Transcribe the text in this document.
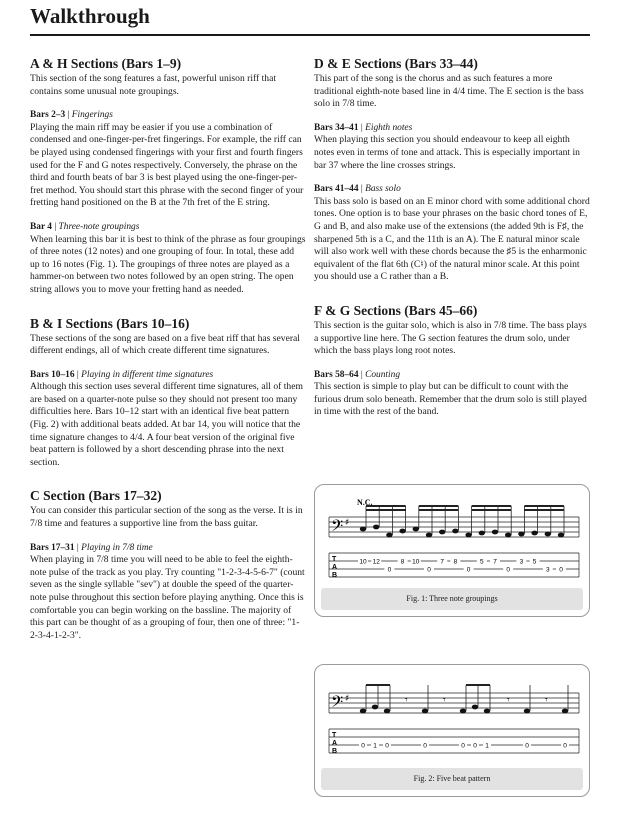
Walkthrough
A & H Sections (Bars 1–9)

This section of the song features a fast, powerful unison riff that contains some unusual note groupings.

Bars 2–3 | Fingerings

Playing the main riff may be easier if you use a combination of condensed and one-finger-per-fret fingerings. For example, the riff can be played using condensed fingerings with your first and fourth fingers used for the F and G notes respectively. Conversely, the phrase on the third and fourth beats of bar 3 is best played using the one-finger-per-fret method. You should start this phrase with the second finger of your fretting hand positioned on the B at the 7th fret of the E string.

Bar 4 | Three-note groupings

When learning this bar it is best to think of the phrase as four groupings of three notes (12 notes) and one grouping of four. In total, these add up to 16 notes (Fig. 1). The groupings of three notes are played as a hammer-on between two notes followed by an open string. The open string allows you to move your fretting hand as needed.

B & I Sections (Bars 10–16)

These sections of the song are based on a five beat riff that has several different endings, all of which create different time signatures.

Bars 10–16 | Playing in different time signatures

Although this section uses several different time signatures, all of them are based on a quarter-note pulse so they should not present too many difficulties here. Bars 10–12 start with an identical five beat pattern (Fig. 2) with additional beats added. At bar 14, you will notice that the time signature changes to 4/4. A four beat version of the original five beat pattern is followed by a short descending phrase into the next section.

C Section (Bars 17–32)

You can consider this particular section of the song as the verse. It is in 7/8 time and features a supportive line from the bass guitar.

Bars 17–31 | Playing in 7/8 time

When playing in 7/8 time you will need to be able to feel the eighth-note pulse of the track as you play. Try counting "1-2-3-4-5-6-7" (count seven as the single syllable "sev") at double the speed of the quarter-note pulse throughout this section before playing anything. Once this is comfortable you can begin working on the bassline. The majority of this part can be thought of as a grouping of four, then one of three: "1-2-3-4-1-2-3".

D & E Sections (Bars 33–44)

This part of the song is the chorus and as such features a more traditional eighth-note based line in 4/4 time. The E section is the bass solo in 7/8 time.

Bars 34–41 | Eighth notes

When playing this section you should endeavour to keep all eighth notes even in terms of tone and attack. This is especially important in bar 37 where the line crosses strings.

Bars 41–44 | Bass solo

This bass solo is based on an E minor chord with some additional chord tones. One option is to base your phrases on the basic chord tones of E, G and B, and also make use of the extensions (the added 9th is F♯, the sharpened 5th is a C, and the 11th is an A). The E natural minor scale will also work well with these chords because the ♯5 is the enharmonic equivalent of the flat 6th (C♮) of the natural minor scale. At this point you should use a C rather than a B.

F & G Sections (Bars 45–66)

This section is the guitar solo, which is also in 7/8 time. The bass plays a supportive line here. The G section features the drum solo, under which the bass plays long root notes.

Bars 58–64 | Counting

This section is simple to play but can be difficult to count with the furious drum solo beneath. Remember that the drum solo is still played in time with the rest of the band.

N.C.
𝄢 ♯
T
A
B
10 12
0
8 10
0
7 8
0
5 7
0
3 5
3 0
Fig. 1: Three note groupings
𝄢 ♯	𝄾	𝄾	𝄾	𝄾
T
A
B
0 1 0	0	0 0 1	0	0
Fig. 2: Five beat pattern
